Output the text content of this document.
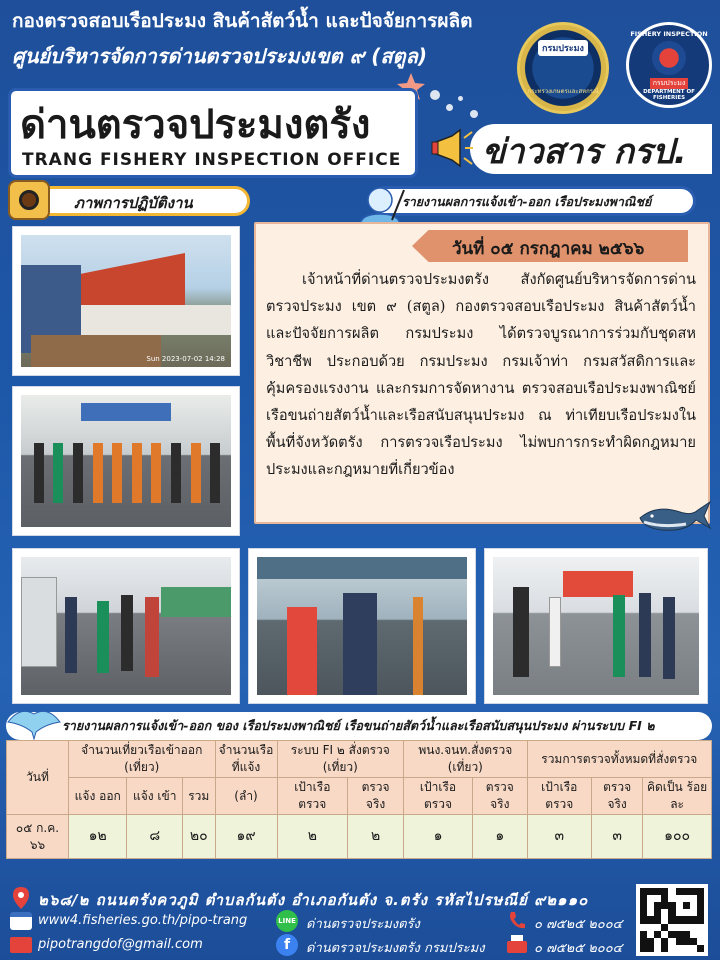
กองตรวจสอบเรือประมง สินค้าสัตว์น้ำ และปัจจัยการผลิต
ศูนย์บริหารจัดการด่านตรวจประมงเขต ๙ (สตูล)	กรมประมง
กระทรวงเกษตรและสหกรณ์
FISHERY INSPECTION
กรมประมง
DEPARTMENT OF FISHERIES
ด่านตรวจประมงตรัง
TRANG FISHERY INSPECTION OFFICE ข่าวสาร กรป.
ภาพการปฏิบัติงาน	รายงานผลการแจ้งเข้า-ออก เรือประมงพาณิชย์
Sun 2023-07-02 14:28
วันที่ ๐๕ กรกฎาคม ๒๕๖๖
เจ้าหน้าที่ด่านตรวจประมงตรัง สังกัดศูนย์บริหารจัดการด่านตรวจประมง เขต ๙ (สตูล) กองตรวจสอบเรือประมง สินค้าสัตว์น้ำ และปัจจัยการผลิต กรมประมง ได้ตรวจบูรณาการร่วมกับชุดสหวิชาชีพ ประกอบด้วย กรมประมง กรมเจ้าท่า กรมสวัสดิการและคุ้มครองแรงงาน และกรมการจัดหางาน ตรวจสอบเรือประมงพาณิชย์ เรือขนถ่ายสัตว์น้ำและเรือสนับสนุนประมง ณ ท่าเทียบเรือประมงในพื้นที่จังหวัดตรัง การตรวจเรือประมง ไม่พบการกระทำผิดกฎหมายประมงและกฎหมายที่เกี่ยวข้อง
รายงานผลการแจ้งเข้า-ออก ของ เรือประมงพาณิชย์ เรือขนถ่ายสัตว์น้ำและเรือสนับสนุนประมง ผ่านระบบ FI ๒
วันที่	จำนวนเที่ยวเรือเข้าออก (เที่ยว)			จำนวนเรือ ที่แจ้ง	ระบบ FI ๒ สั่งตรวจ (เที่ยว)		พนง.จนท.สั่งตรวจ (เที่ยว)		รวมการตรวจทั้งหมดที่สั่งตรวจ		
	แจ้ง ออก	แจ้ง เข้า	รวม	(ลำ)	เป้าเรือ ตรวจ	ตรวจ จริง	เป้าเรือ ตรวจ	ตรวจ จริง	เป้าเรือ ตรวจ	ตรวจ จริง	คิดเป็น ร้อยละ
๐๕ ก.ค. ๖๖	๑๒	๘	๒๐	๑๙	๒	๒	๑	๑	๓	๓	๑๐๐
๒๖๘/๒ ถนนตรังควภูมิ ตำบลกันตัง อำเภอกันตัง จ.ตรัง รหัสไปรษณีย์ ๙๒๑๑๐
www4.fisheries.go.th/pipo-trang
pipotrangdof@gmail.com
LINE ด่านตรวจประมงตรัง
f	ด่านตรวจประมงตรัง กรมประมง
๐ ๗๕๒๕ ๒๐๐๔
๐ ๗๕๒๕ ๒๐๐๔
